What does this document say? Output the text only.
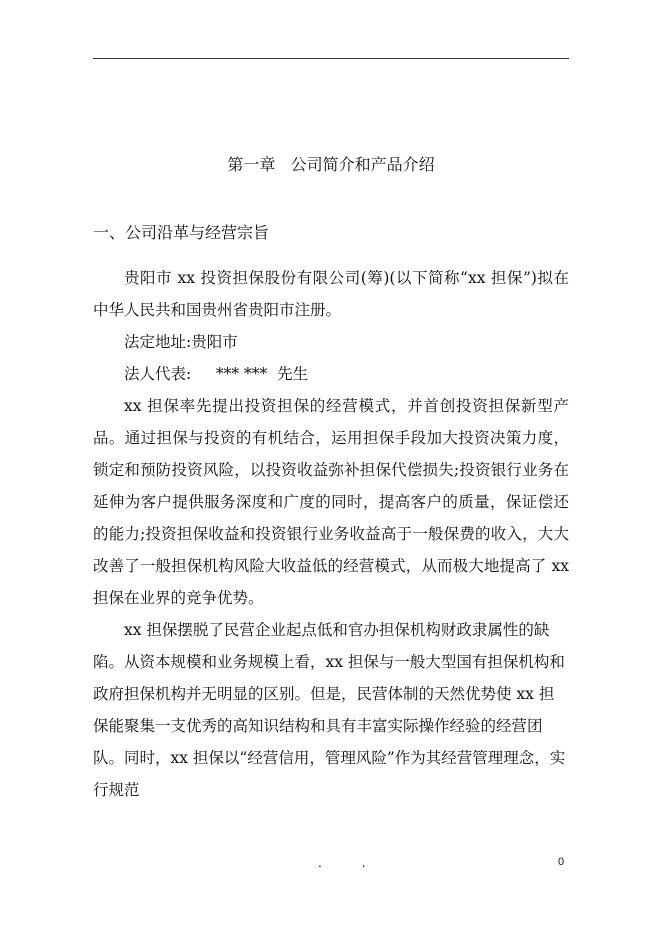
第一章   公司简介和产品介绍
一、公司沿革与经营宗旨

贵阳市 xx 投资担保股份有限公司(筹)(以下简称“xx 担保”)拟在中华人民共和国贵州省贵阳市注册。

法定地址:贵阳市

法人代表:     *** ***  先生

xx 担保率先提出投资担保的经营模式，并首创投资担保新型产品。通过担保与投资的有机结合，运用担保手段加大投资决策力度，锁定和预防投资风险，以投资收益弥补担保代偿损失;投资银行业务在延伸为客户提供服务深度和广度的同时，提高客户的质量，保证偿还的能力;投资担保收益和投资银行业务收益高于一般保费的收入，大大改善了一般担保机构风险大收益低的经营模式，从而极大地提高了 xx 担保在业界的竞争优势。

xx 担保摆脱了民营企业起点低和官办担保机构财政隶属性的缺陷。从资本规模和业务规模上看，xx 担保与一般大型国有担保机构和政府担保机构并无明显的区别。但是，民营体制的天然优势使 xx 担保能聚集一支优秀的高知识结构和具有丰富实际操作经验的经营团队。同时，xx 担保以“经营信用，管理风险”作为其经营管理理念，实行规范

. .	0
